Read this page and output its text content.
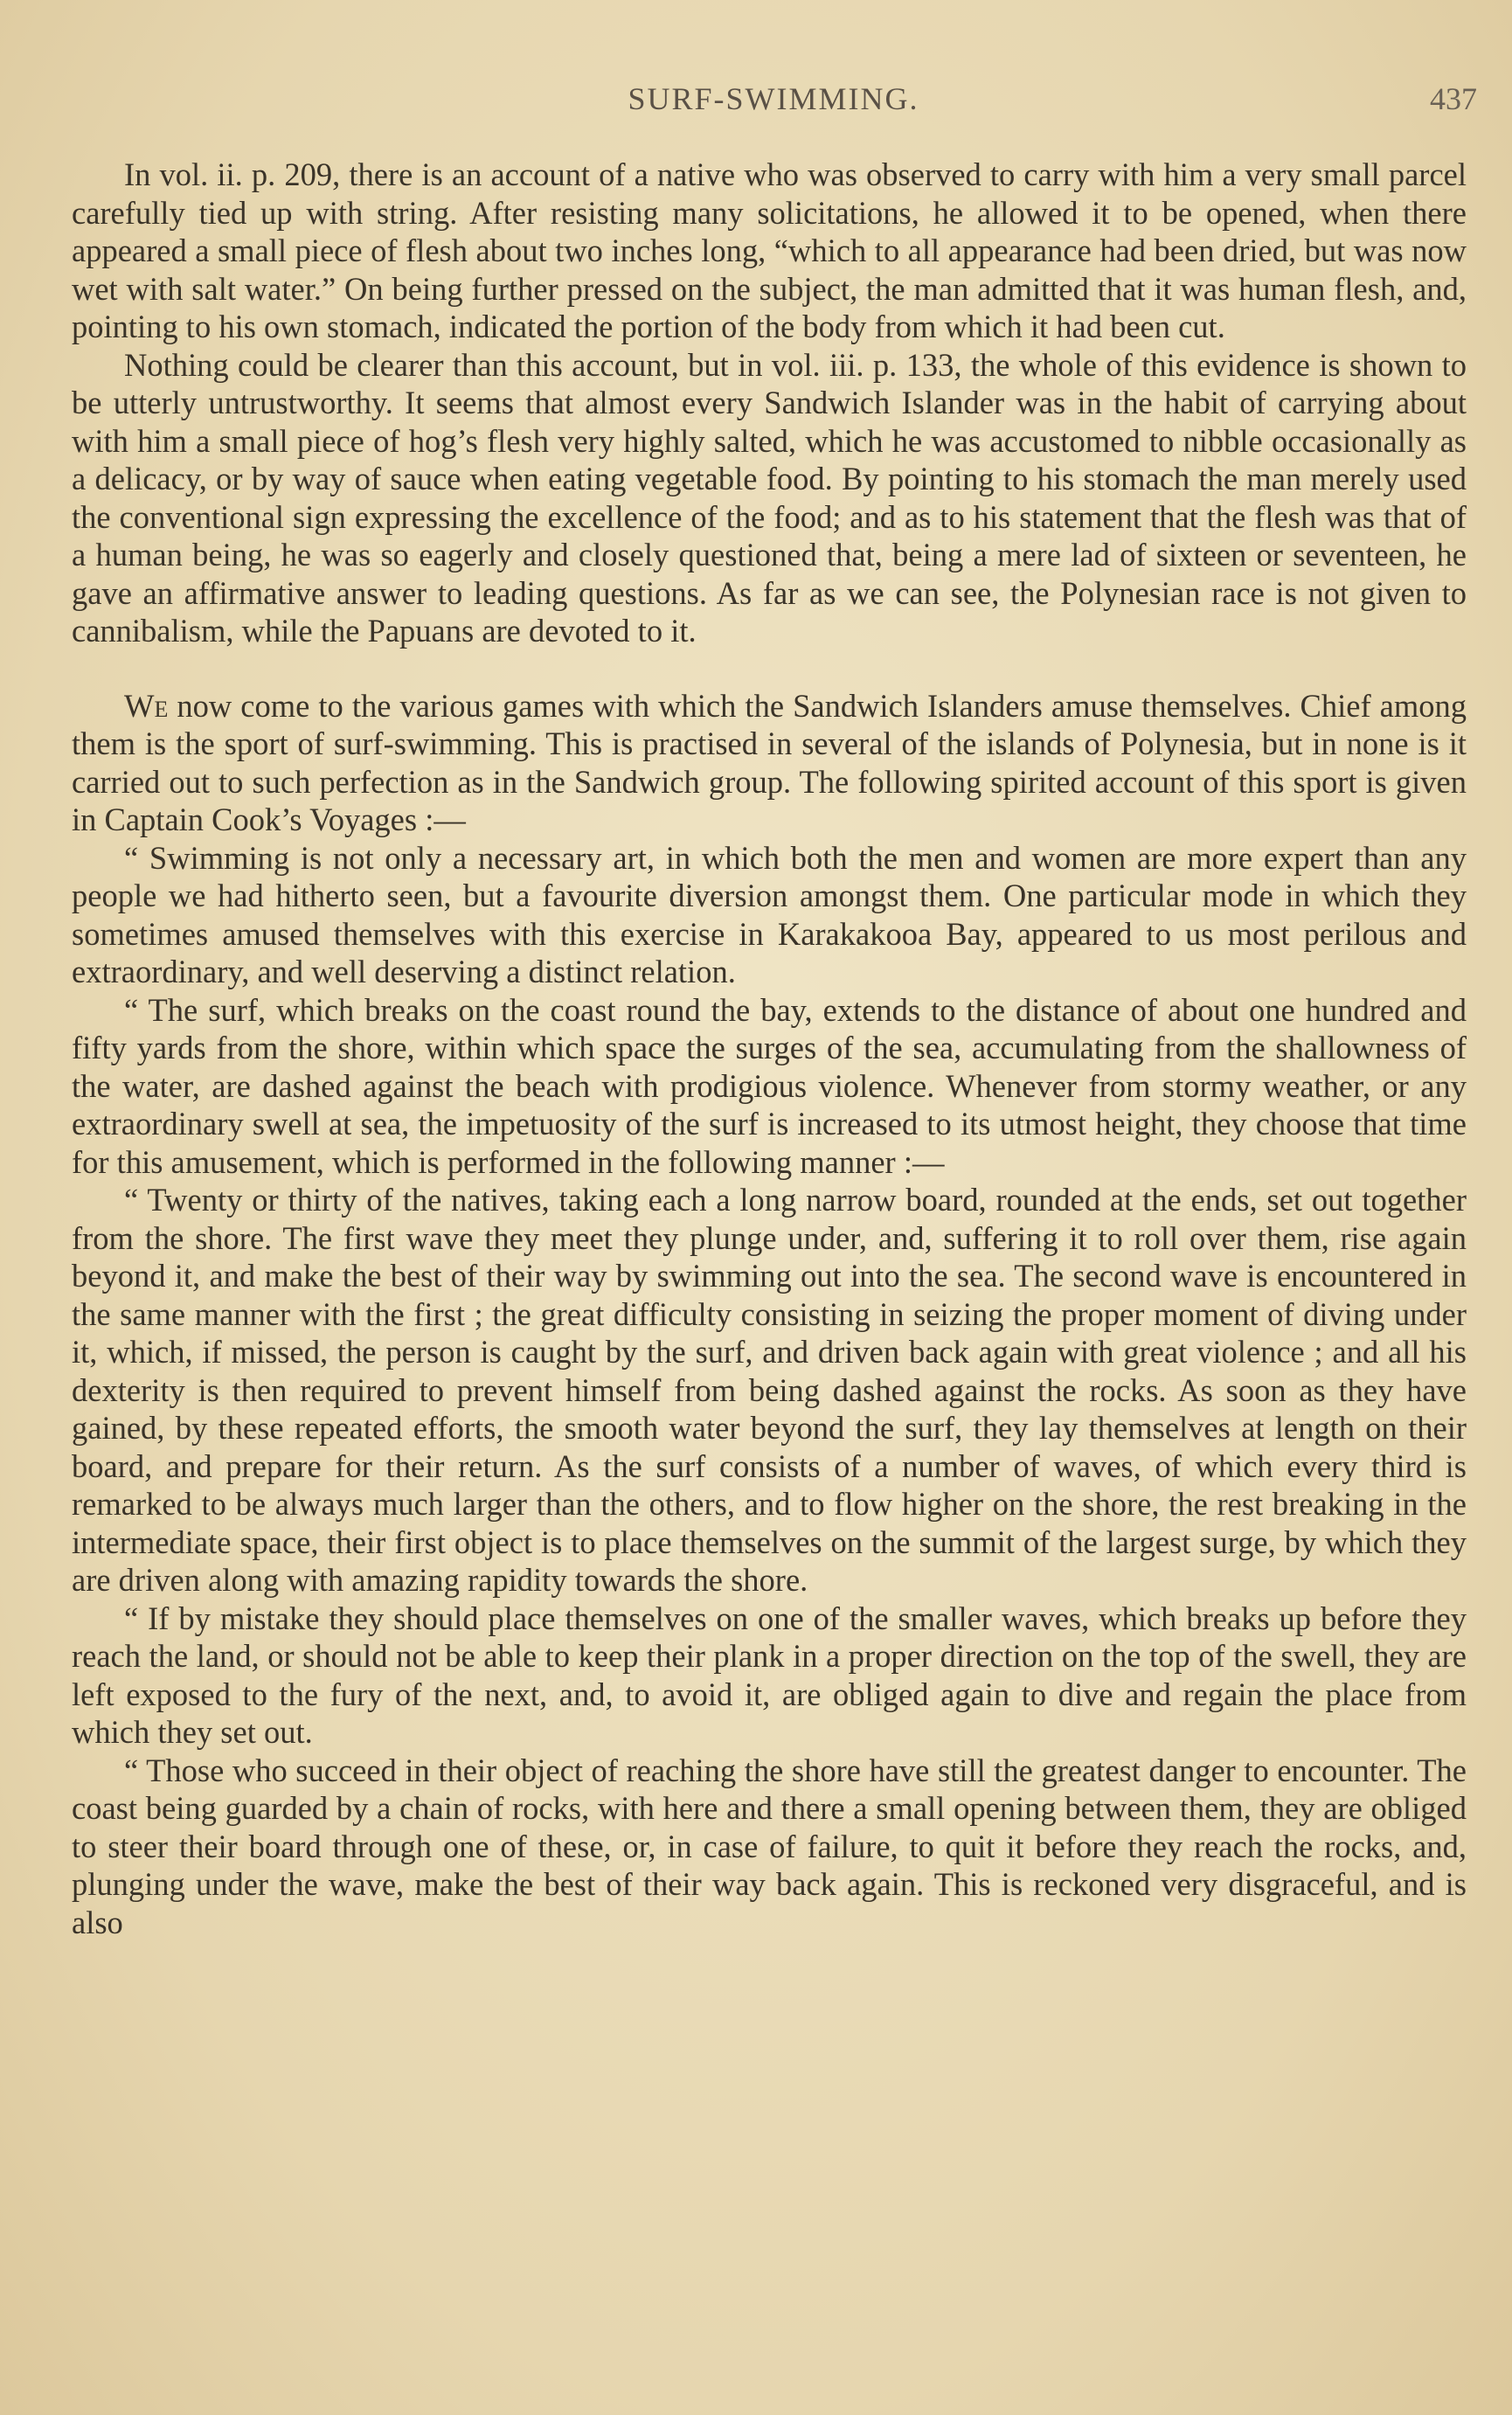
SURF-SWIMMING.	437

In vol. ii. p. 209, there is an account of a native who was observed to carry with him a very small parcel carefully tied up with string. After resisting many solicitations, he allowed it to be opened, when there appeared a small piece of flesh about two inches long, “which to all appearance had been dried, but was now wet with salt water.” On being further pressed on the subject, the man admitted that it was human flesh, and, pointing to his own stomach, indicated the portion of the body from which it had been cut.

Nothing could be clearer than this account, but in vol. iii. p. 133, the whole of this evidence is shown to be utterly untrustworthy. It seems that almost every Sandwich Islander was in the habit of carrying about with him a small piece of hog’s flesh very highly salted, which he was accustomed to nibble occasionally as a delicacy, or by way of sauce when eating vegetable food. By pointing to his stomach the man merely used the conventional sign expressing the excellence of the food; and as to his statement that the flesh was that of a human being, he was so eagerly and closely questioned that, being a mere lad of sixteen or seventeen, he gave an affirmative answer to leading questions. As far as we can see, the Polynesian race is not given to cannibalism, while the Papuans are devoted to it.

We now come to the various games with which the Sandwich Islanders amuse themselves. Chief among them is the sport of surf-swimming. This is practised in several of the islands of Polynesia, but in none is it carried out to such perfection as in the Sandwich group. The following spirited account of this sport is given in Captain Cook’s Voyages :—

“ Swimming is not only a necessary art, in which both the men and women are more expert than any people we had hitherto seen, but a favourite diversion amongst them. One particular mode in which they sometimes amused themselves with this exercise in Karakakooa Bay, appeared to us most perilous and extraordinary, and well deserving a distinct relation.

“ The surf, which breaks on the coast round the bay, extends to the distance of about one hundred and fifty yards from the shore, within which space the surges of the sea, accumulating from the shallowness of the water, are dashed against the beach with prodigious violence. Whenever from stormy weather, or any extraordinary swell at sea, the impetuosity of the surf is increased to its utmost height, they choose that time for this amusement, which is performed in the following manner :—

“ Twenty or thirty of the natives, taking each a long narrow board, rounded at the ends, set out together from the shore. The first wave they meet they plunge under, and, suffering it to roll over them, rise again beyond it, and make the best of their way by swimming out into the sea. The second wave is encountered in the same manner with the first ; the great difficulty consisting in seizing the proper moment of diving under it, which, if missed, the person is caught by the surf, and driven back again with great violence ; and all his dexterity is then required to prevent himself from being dashed against the rocks. As soon as they have gained, by these repeated efforts, the smooth water beyond the surf, they lay themselves at length on their board, and prepare for their return. As the surf consists of a number of waves, of which every third is remarked to be always much larger than the others, and to flow higher on the shore, the rest breaking in the intermediate space, their first object is to place themselves on the summit of the largest surge, by which they are driven along with amazing rapidity towards the shore.

“ If by mistake they should place themselves on one of the smaller waves, which breaks up before they reach the land, or should not be able to keep their plank in a proper direction on the top of the swell, they are left exposed to the fury of the next, and, to avoid it, are obliged again to dive and regain the place from which they set out.

“ Those who succeed in their object of reaching the shore have still the greatest danger to encounter. The coast being guarded by a chain of rocks, with here and there a small opening between them, they are obliged to steer their board through one of these, or, in case of failure, to quit it before they reach the rocks, and, plunging under the wave, make the best of their way back again. This is reckoned very disgraceful, and is also
